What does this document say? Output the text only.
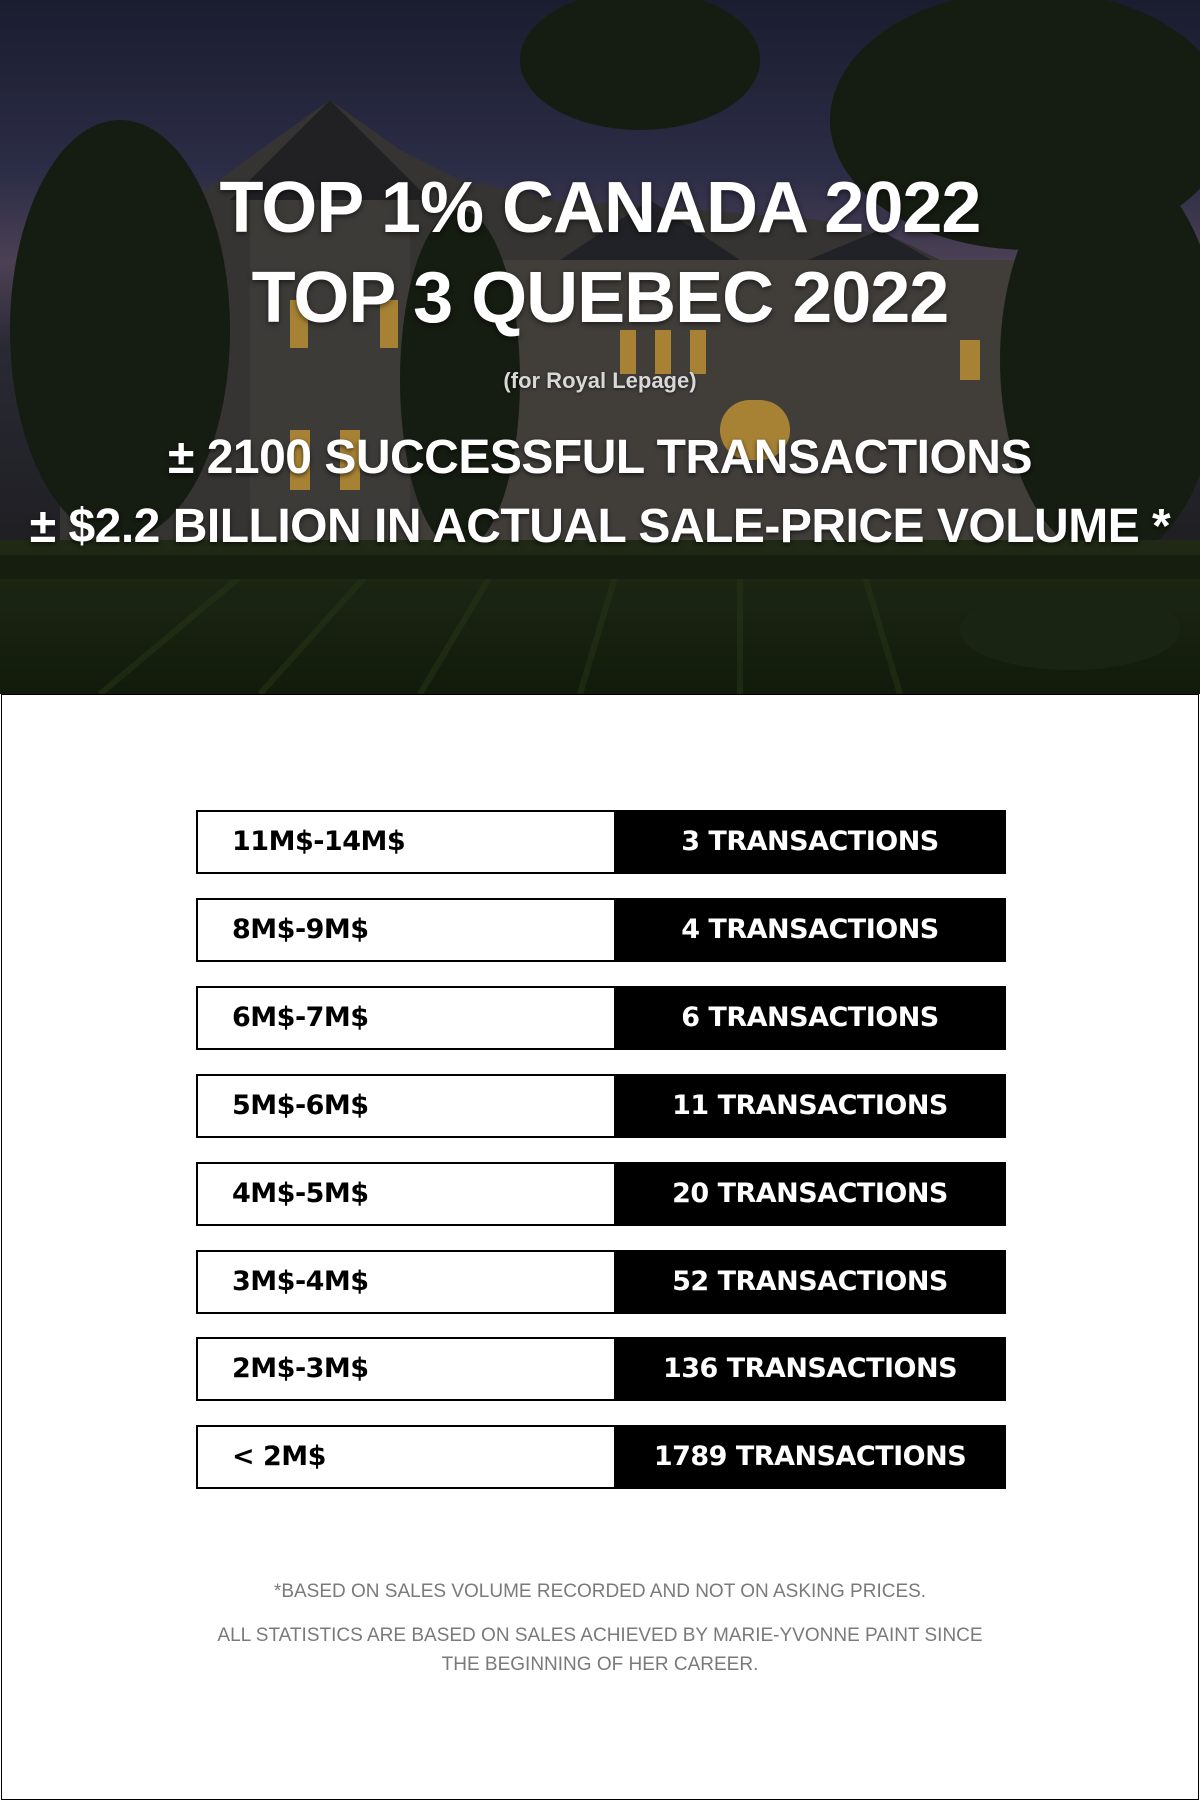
TOP 1% CANADA 2022
TOP 3 QUEBEC 2022
(for Royal Lepage)
± 2100 SUCCESSFUL TRANSACTIONS
± $2.2 BILLION IN ACTUAL SALE-PRICE VOLUME *
11M$-14M$	3 TRANSACTIONS
8M$-9M$	4 TRANSACTIONS
6M$-7M$	6 TRANSACTIONS
5M$-6M$	11 TRANSACTIONS
4M$-5M$	20 TRANSACTIONS
3M$-4M$	52 TRANSACTIONS
2M$-3M$	136 TRANSACTIONS
< 2M$	1789 TRANSACTIONS
*BASED ON SALES VOLUME RECORDED AND NOT ON ASKING PRICES.
ALL STATISTICS ARE BASED ON SALES ACHIEVED BY MARIE-YVONNE PAINT SINCE THE BEGINNING OF HER CAREER.
